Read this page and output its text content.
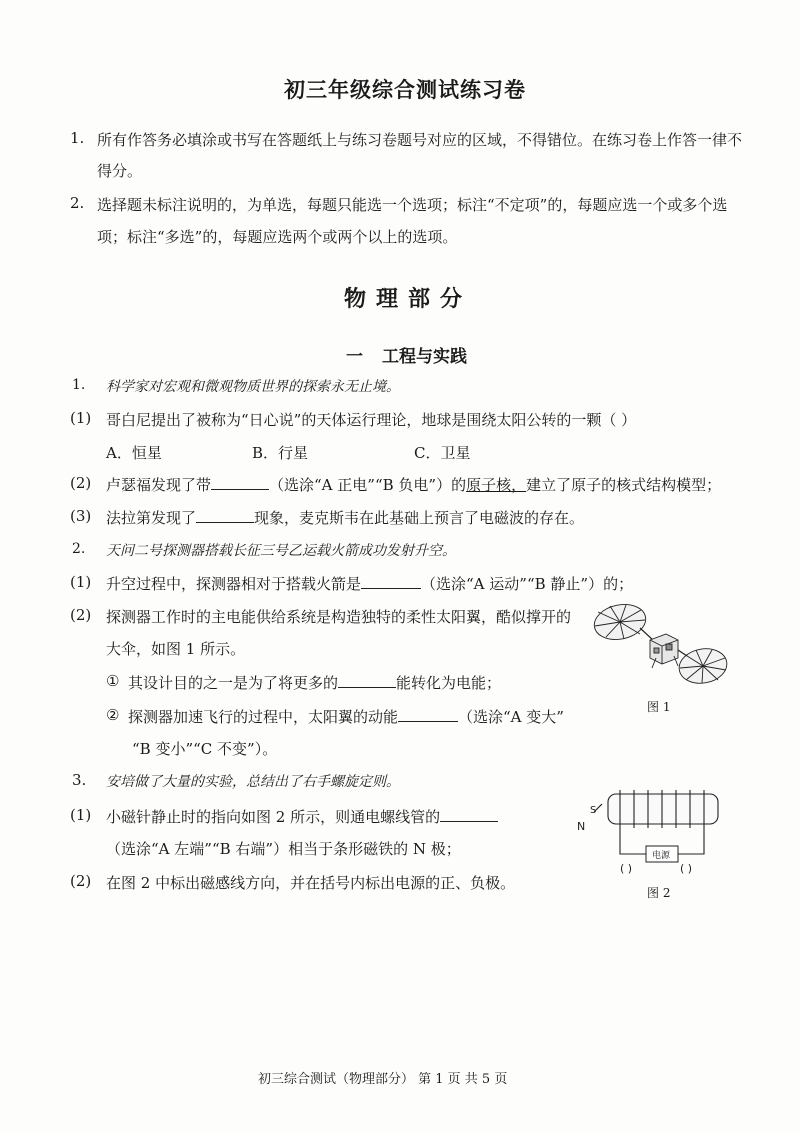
初三年级综合测试练习卷
1. 所有作答务必填涂或书写在答题纸上与练习卷题号对应的区域，不得错位。在练习卷上作答一律不
得分。
2. 选择题未标注说明的，为单选，每题只能选一个选项；标注“不定项”的，每题应选一个或多个选
项；标注“多选”的，每题应选两个或两个以上的选项。
物理部分
一 工程与实践
1. 科学家对宏观和微观物质世界的探索永无止境。
(1) 哥白尼提出了被称为“日心说”的天体运行理论，地球是围绕太阳公转的一颗（ ）
A．恒星	B．行星	C．卫星
(2) 卢瑟福发现了带	（选涂“A 正电”“B 负电”）的原子核，建立了原子的核式结构模型；
(3) 法拉第发现了	现象，麦克斯韦在此基础上预言了电磁波的存在。
2. 天问二号探测器搭载长征三号乙运载火箭成功发射升空。
(1) 升空过程中，探测器相对于搭载火箭是	（选涂“A 运动”“B 静止”）的；
(2) 探测器工作时的主电能供给系统是构造独特的柔性太阳翼，酷似撑开的
大伞，如图 1 所示。
① 其设计目的之一是为了将更多的	能转化为电能；
② 探测器加速飞行的过程中，太阳翼的动能	（选涂“A 变大”
“B 变小”“C 不变”）。
图 1
3. 安培做了大量的实验，总结出了右手螺旋定则。
(1) 小磁针静止时的指向如图 2 所示，则通电螺线管的
（选涂“A 左端”“B 右端”）相当于条形磁铁的 N 极；
(2) 在图 2 中标出磁感线方向，并在括号内标出电源的正、负极。
N
S
电源
( )	( )
图 2
初三综合测试（物理部分） 第 1 页 共 5 页
